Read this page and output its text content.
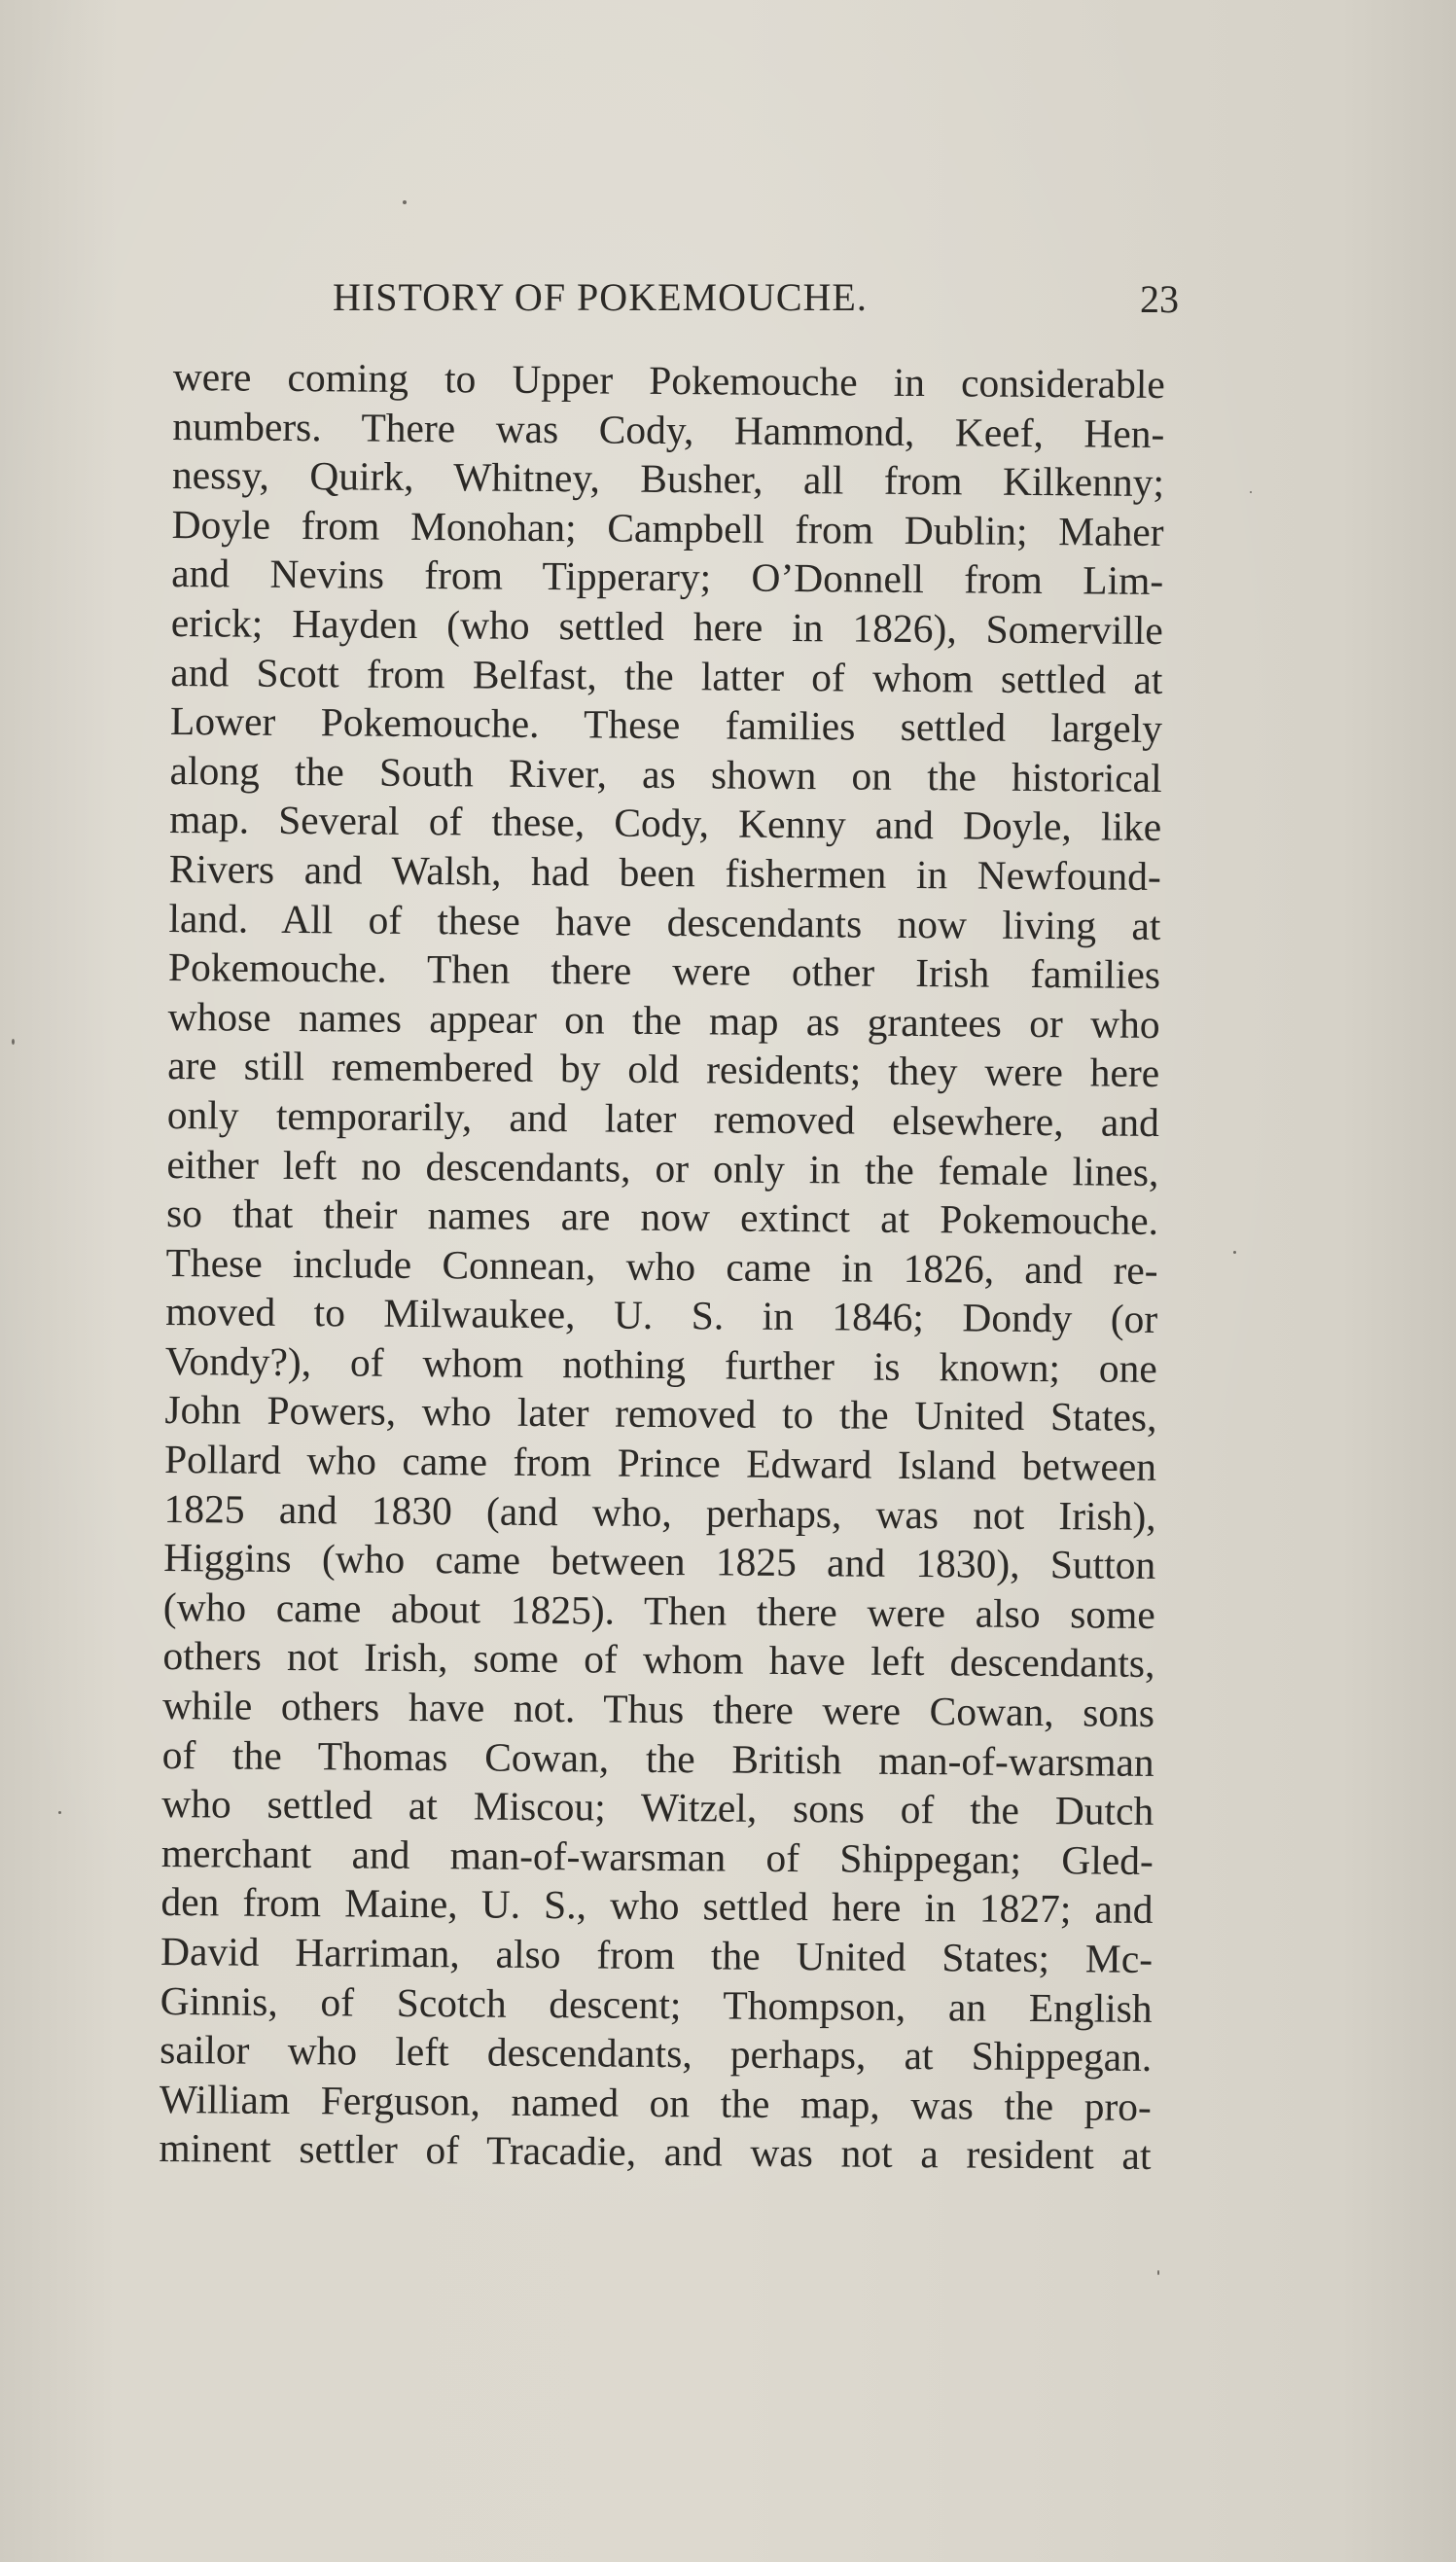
HISTORY OF POKEMOUCHE.	23
were coming to Upper Pokemouche in considerable
numbers. There was Cody, Hammond, Keef, Hen-
nessy, Quirk, Whitney, Busher, all from Kilkenny;
Doyle from Monohan; Campbell from Dublin; Maher
and Nevins from Tipperary; O’Donnell from Lim-
erick; Hayden (who settled here in 1826), Somerville
and Scott from Belfast, the latter of whom settled at
Lower Pokemouche. These families settled largely
along the South River, as shown on the historical
map. Several of these, Cody, Kenny and Doyle, like
Rivers and Walsh, had been fishermen in Newfound-
land. All of these have descendants now living at
Pokemouche. Then there were other Irish families
whose names appear on the map as grantees or who
are still remembered by old residents; they were here
only temporarily, and later removed elsewhere, and
either left no descendants, or only in the female lines,
so that their names are now extinct at Pokemouche.
These include Connean, who came in 1826, and re-
moved to Milwaukee, U. S. in 1846; Dondy (or
Vondy?), of whom nothing further is known; one
John Powers, who later removed to the United States,
Pollard who came from Prince Edward Island between
1825 and 1830 (and who, perhaps, was not Irish),
Higgins (who came between 1825 and 1830), Sutton
(who came about 1825). Then there were also some
others not Irish, some of whom have left descendants,
while others have not. Thus there were Cowan, sons
of the Thomas Cowan, the British man-of-warsman
who settled at Miscou; Witzel, sons of the Dutch
merchant and man-of-warsman of Shippegan; Gled-
den from Maine, U. S., who settled here in 1827; and
David Harriman, also from the United States; Mc-
Ginnis, of Scotch descent; Thompson, an English
sailor who left descendants, perhaps, at Shippegan.
William Ferguson, named on the map, was the pro-
minent settler of Tracadie, and was not a resident at
